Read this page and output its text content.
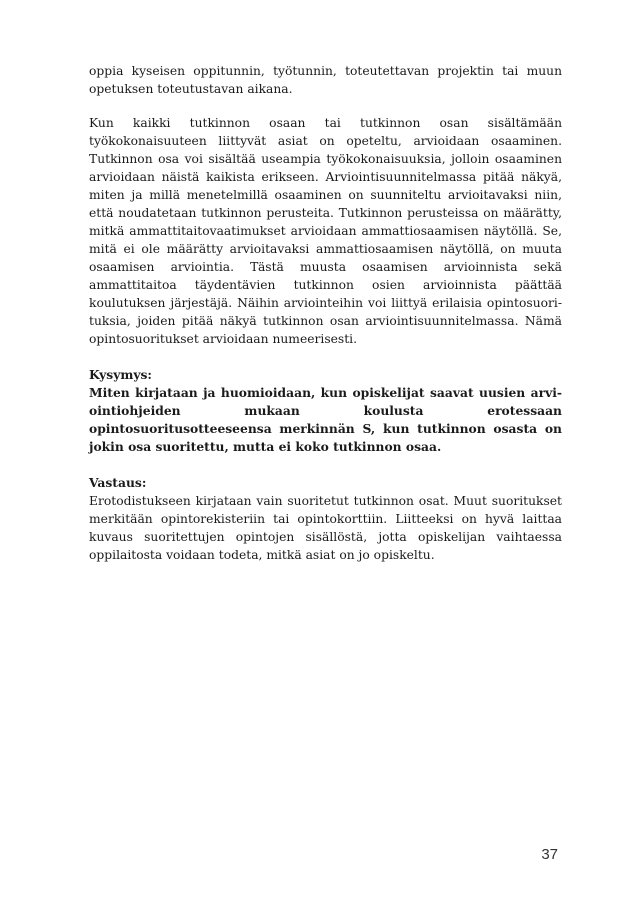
oppia kyseisen oppitunnin, työtunnin, toteutettavan projektin tai muun opetuksen toteutustavan aikana.

Kun kaikki tutkinnon osaan tai tutkinnon osan sisältämään työkokonaisuuteen liittyvät asiat on opeteltu, arvioidaan osaaminen. Tutkinnon osa voi sisältää useampia työkokonaisuuksia, jolloin osaaminen arvioidaan näistä kaikista erikseen. Arviointisuunnitelmassa pitää näkyä, miten ja millä menetelmillä osaaminen on suunniteltu arvioitavaksi niin, että noudatetaan tutkinnon perusteita. Tutkinnon perusteissa on määrätty, mitkä ammattitaitovaatimukset arvioidaan ammattiosaamisen näytöllä. Se, mitä ei ole määrätty arvioitavaksi ammattiosaamisen näytöllä, on muuta osaamisen arviointia. Tästä muusta osaamisen arvioinnista sekä ammattitaitoa täydentävien tutkinnon osien arvioinnista päättää koulutuksen järjestäjä. Näihin arviointeihin voi liittyä erilaisia opintosuorituksia, joiden pitää näkyä tutkinnon osan arviointisuunnitelmassa. Nämä opintosuoritukset arvioidaan numeerisesti.

Kysymys:

Miten kirjataan ja huomioidaan, kun opiskelijat saavat uusien arviointiohjeiden mukaan koulusta erotessaan opintosuoritusotteeseensa merkinnän S, kun tutkinnon osasta on jokin osa suoritettu, mutta ei koko tutkinnon osaa.

Vastaus:

Erotodistukseen kirjataan vain suoritetut tutkinnon osat. Muut suoritukset merkitään opintorekisteriin tai opintokorttiin. Liitteeksi on hyvä laittaa kuvaus suoritettujen opintojen sisällöstä, jotta opiskelijan vaihtaessa oppilaitosta voidaan todeta, mitkä asiat on jo opiskeltu.

37
